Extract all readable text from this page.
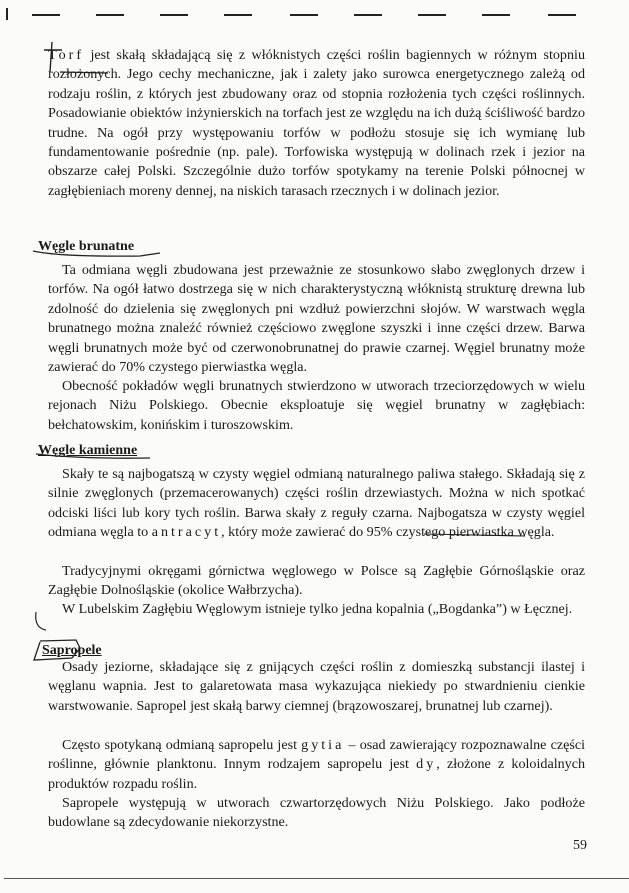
Torf jest skałą składającą się z włóknistych części roślin bagiennych w różnym stopniu rozłożonych. Jego cechy mechaniczne, jak i zalety jako surowca energetycznego zależą od rodzaju roślin, z których jest zbudowany oraz od stopnia rozłożenia tych części roślinnych. Posadowianie obiektów inżynierskich na torfach jest ze względu na ich dużą ściśliwość bardzo trudne. Na ogół przy występowaniu torfów w podłożu stosuje się ich wymianę lub fundamentowanie pośrednie (np. pale). Torfowiska występują w dolinach rzek i jezior na obszarze całej Polski. Szczególnie dużo torfów spotykamy na terenie Polski północnej w zagłębieniach moreny dennej, na niskich tarasach rzecznych i w dolinach jezior.

Węgle brunatne

Ta odmiana węgli zbudowana jest przeważnie ze stosunkowo słabo zwęglonych drzew i torfów. Na ogół łatwo dostrzega się w nich charakterystyczną włóknistą strukturę drewna lub zdolność do dzielenia się zwęglonych pni wzdłuż powierzchni słojów. W warstwach węgla brunatnego można znaleźć również częściowo zwęglone szyszki i inne części drzew. Barwa węgli brunatnych może być od czerwonobrunatnej do prawie czarnej. Węgiel brunatny może zawierać do 70% czystego pierwiastka węgla.

Obecność pokładów węgli brunatnych stwierdzono w utworach trzeciorzędowych w wielu rejonach Niżu Polskiego. Obecnie eksploatuje się węgiel brunatny w zagłębiach: bełchatowskim, konińskim i turoszowskim.

Węgle kamienne

Skały te są najbogatszą w czysty węgiel odmianą naturalnego paliwa stałego. Składają się z silnie zwęglonych (przemacerowanych) części roślin drzewiastych. Można w nich spotkać odciski liści lub kory tych roślin. Barwa skały z reguły czarna. Najbogatsza w czysty węgiel odmiana węgla to antracyt, który może zawierać do 95% czystego pierwiastka węgla.

Tradycyjnymi okręgami górnictwa węglowego w Polsce są Zagłębie Górnośląskie oraz Zagłębie Dolnośląskie (okolice Wałbrzycha).

W Lubelskim Zagłębiu Węglowym istnieje tylko jedna kopalnia („Bogdanka”) w Łęcznej.

Sapropele

Osady jeziorne, składające się z gnijących części roślin z domieszką substancji ilastej i węglanu wapnia. Jest to galaretowata masa wykazująca niekiedy po stwardnieniu cienkie warstwowanie. Sapropel jest skałą barwy ciemnej (brązowoszarej, brunatnej lub czarnej).

Często spotykaną odmianą sapropelu jest gytia – osad zawierający rozpoznawalne części roślinne, głównie planktonu. Innym rodzajem sapropelu jest dy, złożone z koloidalnych produktów rozpadu roślin.

Sapropele występują w utworach czwartorzędowych Niżu Polskiego. Jako podłoże budowlane są zdecydowanie niekorzystne.

59
